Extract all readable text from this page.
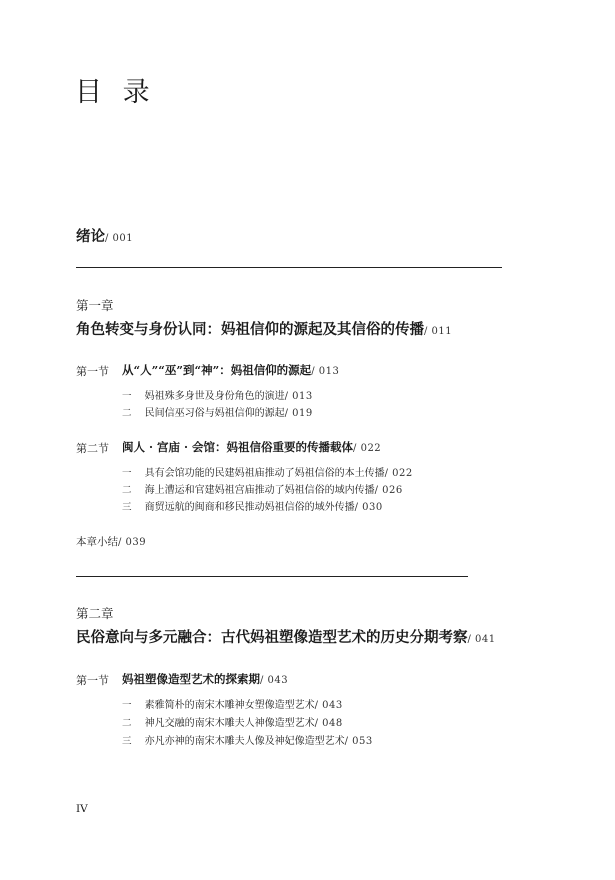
目 录
绪论/ 001
第一章
角色转变与身份认同：妈祖信仰的源起及其信俗的传播/ 011
第一节 从“人”“巫”到“神”：妈祖信仰的源起/ 013
一 妈祖殊多身世及身份角色的演进/ 013
二 民间信巫习俗与妈祖信仰的源起/ 019
第二节 闽人 · 宫庙 · 会馆：妈祖信俗重要的传播载体/ 022
一 具有会馆功能的民建妈祖庙推动了妈祖信俗的本土传播/ 022
二 海上漕运和官建妈祖宫庙推动了妈祖信俗的域内传播/ 026
三 商贸远航的闽商和移民推动妈祖信俗的域外传播/ 030
本章小结/ 039
第二章
民俗意向与多元融合：古代妈祖塑像造型艺术的历史分期考察/ 041
第一节 妈祖塑像造型艺术的探索期/ 043
一 素雅简朴的南宋木雕神女塑像造型艺术/ 043
二 神凡交融的南宋木雕夫人神像造型艺术/ 048
三 亦凡亦神的南宋木雕夫人像及神妃像造型艺术/ 053
IV
